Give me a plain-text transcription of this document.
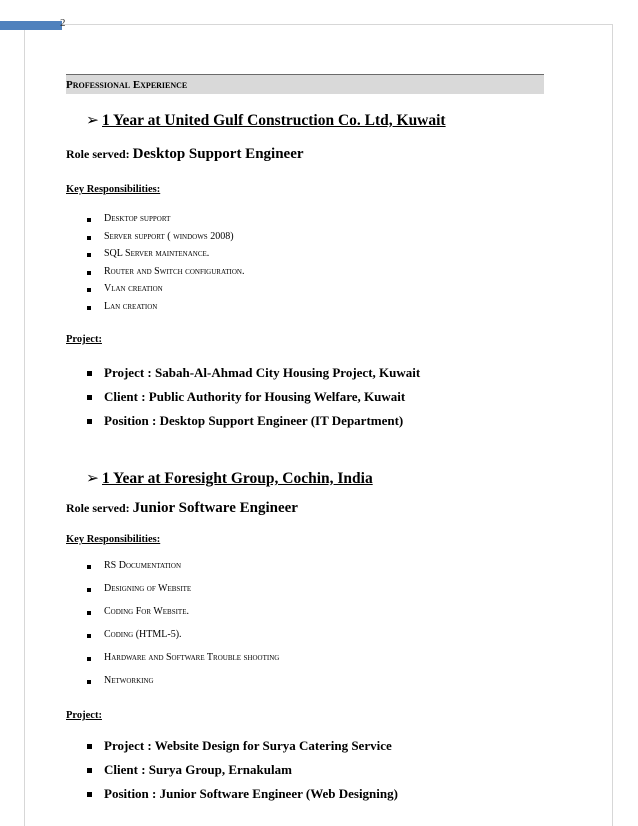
2
Professional Experience
➢ 1 Year at United Gulf Construction Co. Ltd, Kuwait
Role served: Desktop Support Engineer
Key Responsibilities:
Desktop support
Server support ( windows 2008)
SQL Server maintenance.
Router and Switch configuration.
Vlan creation
Lan creation
Project:
Project : Sabah-Al-Ahmad City Housing Project, Kuwait
Client : Public Authority for Housing Welfare, Kuwait
Position : Desktop Support Engineer (IT Department)
➢ 1 Year at Foresight Group, Cochin, India
Role served: Junior Software Engineer
Key Responsibilities:
RS Documentation
Designing of Website
Coding For Website.
Coding (HTML-5).
Hardware and Software Trouble shooting
Networking
Project:
Project : Website Design for Surya Catering Service
Client : Surya Group, Ernakulam
Position : Junior Software Engineer (Web Designing)
